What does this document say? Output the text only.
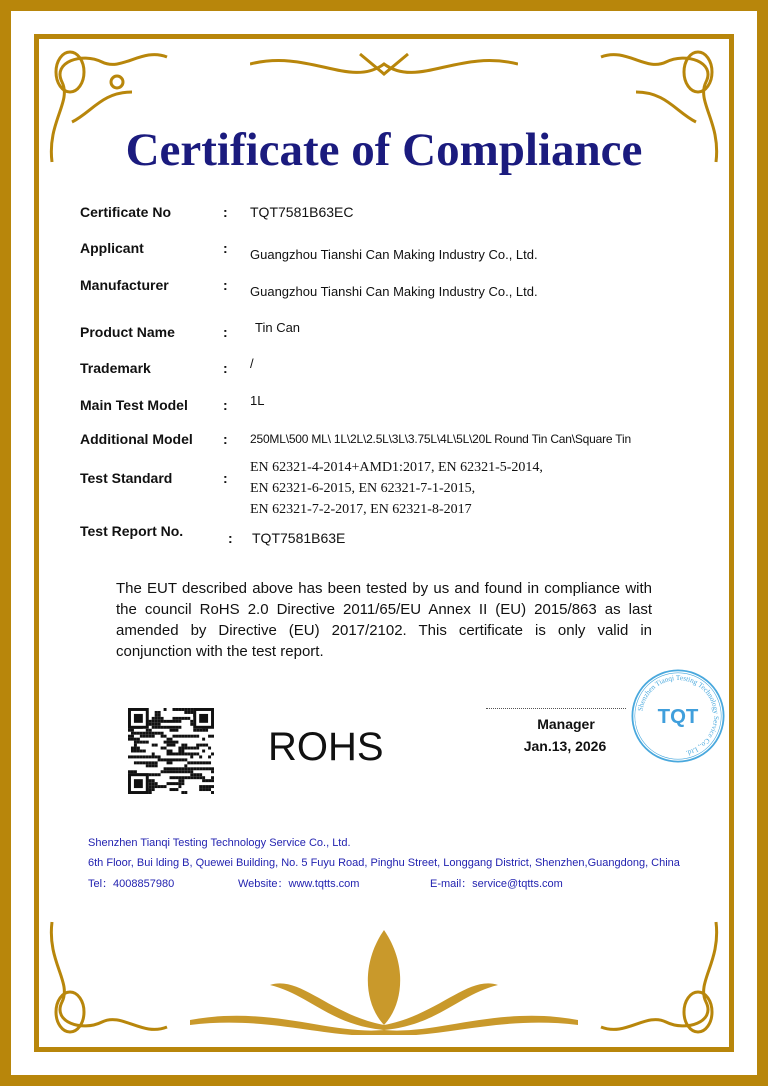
Certificate of Compliance
Certificate No	: TQT7581B63EC
Applicant	: Guangzhou Tianshi Can Making Industry Co., Ltd.
Manufacturer	: Guangzhou Tianshi Can Making Industry Co., Ltd.
Product Name	: Tin Can
Trademark	: /
Main Test Model	: 1L
Additional Model : 250ML\500 ML\ 1L\2L\2.5L\3L\3.75L\4L\5L\20L Round Tin Can\Square Tin
Test Standard	:
EN 62321-4-2014+AMD1:2017, EN 62321-5-2014,
EN 62321-6-2015, EN 62321-7-1-2015,
EN 62321-7-2-2017, EN 62321-8-2017
Test Report No.	: TQT7581B63E
The EUT described above has been tested by us and found in compliance with the council RoHS 2.0 Directive 2011/65/EU Annex II (EU) 2015/863 as last amended by Directive (EU) 2017/2102. This certificate is only valid in conjunction with the test report.
ROHS
Shenzhen Tianqi Testing Technology Service Co., Ltd.
TQT
Manager
Jan.13, 2026
Shenzhen Tianqi Testing Technology Service Co., Ltd.
6th Floor, Bui lding B, Quewei Building, No. 5 Fuyu Road, Pinghu Street, Longgang District, Shenzhen,Guangdong, China
Tel：4008857980	Website：www.tqtts.com	E-mail：service@tqtts.com
